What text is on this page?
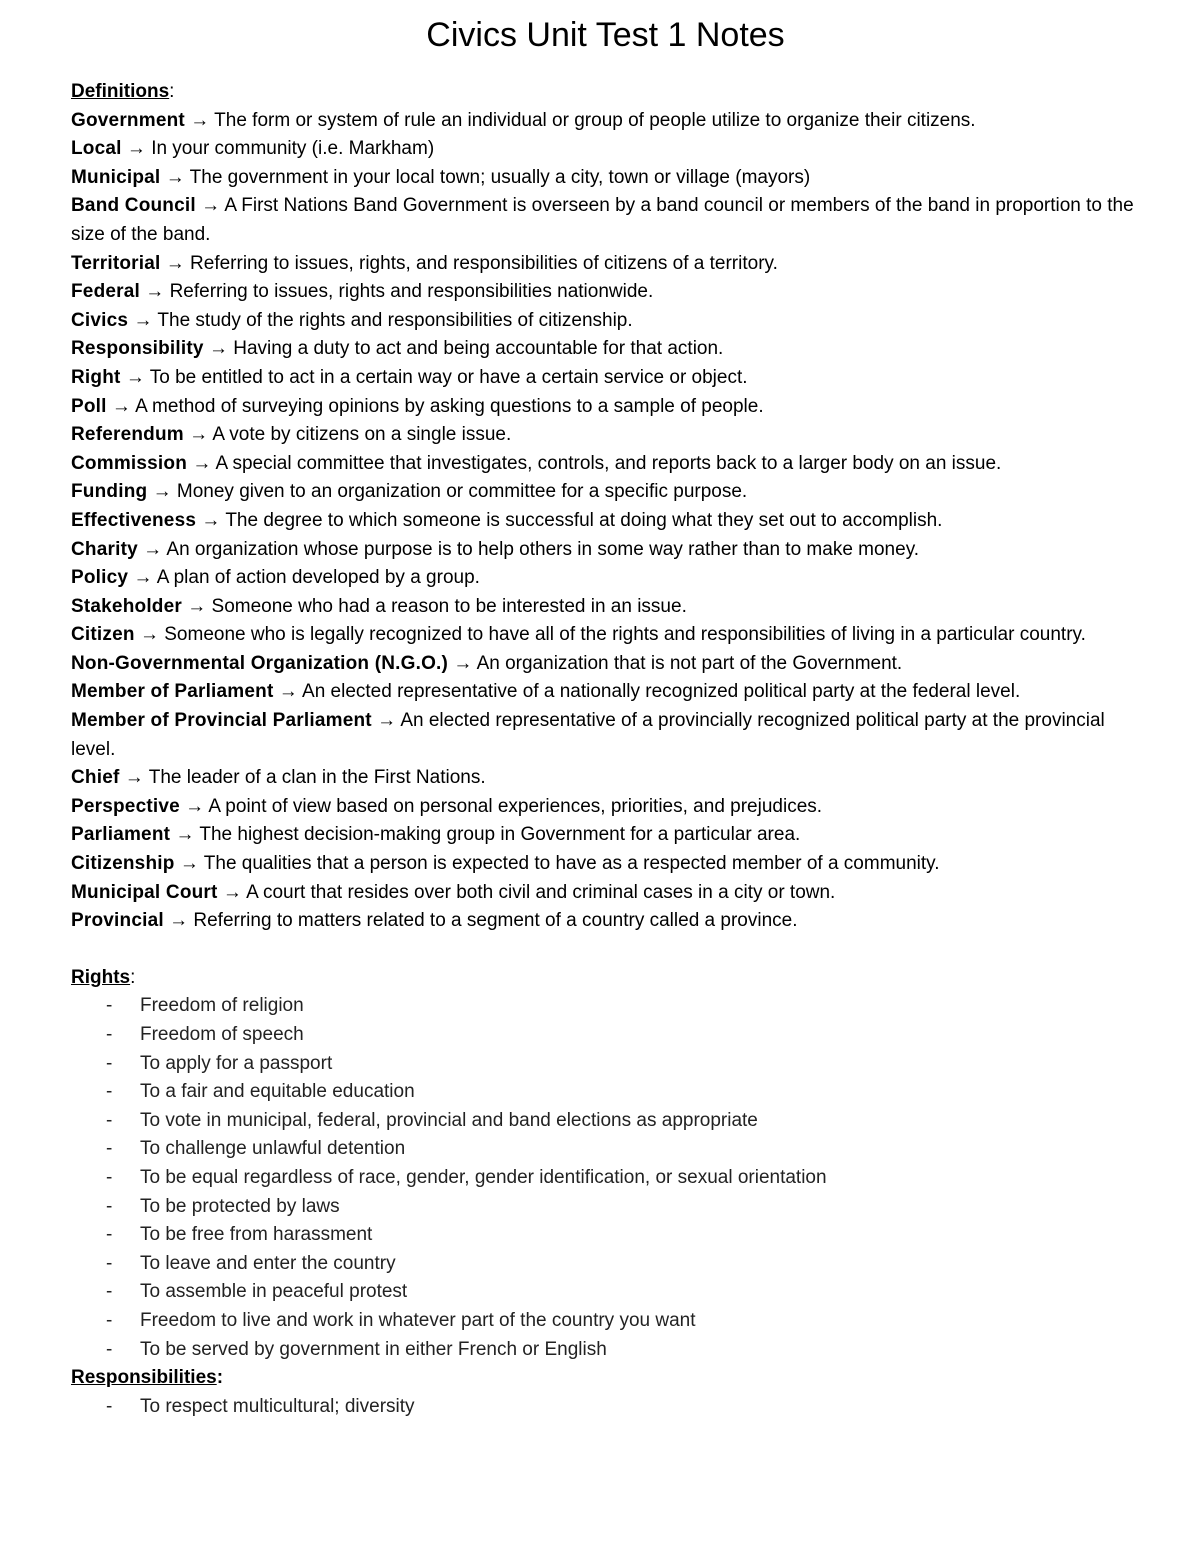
Civics Unit Test 1 Notes
Definitions:

Government → The form or system of rule an individual or group of people utilize to organize their citizens.

Local → In your community (i.e. Markham)

Municipal → The government in your local town; usually a city, town or village (mayors)

Band Council → A First Nations Band Government is overseen by a band council or members of the band in proportion to the size of the band.

Territorial → Referring to issues, rights, and responsibilities of citizens of a territory.

Federal → Referring to issues, rights and responsibilities nationwide.

Civics → The study of the rights and responsibilities of citizenship.

Responsibility → Having a duty to act and being accountable for that action.

Right → To be entitled to act in a certain way or have a certain service or object.

Poll → A method of surveying opinions by asking questions to a sample of people.

Referendum → A vote by citizens on a single issue.

Commission → A special committee that investigates, controls, and reports back to a larger body on an issue.

Funding → Money given to an organization or committee for a specific purpose.

Effectiveness → The degree to which someone is successful at doing what they set out to accomplish.

Charity → An organization whose purpose is to help others in some way rather than to make money.

Policy → A plan of action developed by a group.

Stakeholder → Someone who had a reason to be interested in an issue.

Citizen → Someone who is legally recognized to have all of the rights and responsibilities of living in a particular country.

Non-Governmental Organization (N.G.O.) → An organization that is not part of the Government.

Member of Parliament → An elected representative of a nationally recognized political party at the federal level.

Member of Provincial Parliament → An elected representative of a provincially recognized political party at the provincial level.

Chief → The leader of a clan in the First Nations.

Perspective → A point of view based on personal experiences, priorities, and prejudices.

Parliament → The highest decision-making group in Government for a particular area.

Citizenship → The qualities that a person is expected to have as a respected member of a community.

Municipal Court → A court that resides over both civil and criminal cases in a city or town.

Provincial → Referring to matters related to a segment of a country called a province.

Rights:
-	Freedom of religion
-	Freedom of speech
-	To apply for a passport
-	To a fair and equitable education
-	To vote in municipal, federal, provincial and band elections as appropriate
-	To challenge unlawful detention
-	To be equal regardless of race, gender, gender identification, or sexual orientation
-	To be protected by laws
-	To be free from harassment
-	To leave and enter the country
-	To assemble in peaceful protest
-	Freedom to live and work in whatever part of the country you want
-	To be served by government in either French or English
Responsibilities:
-	To respect multicultural; diversity
